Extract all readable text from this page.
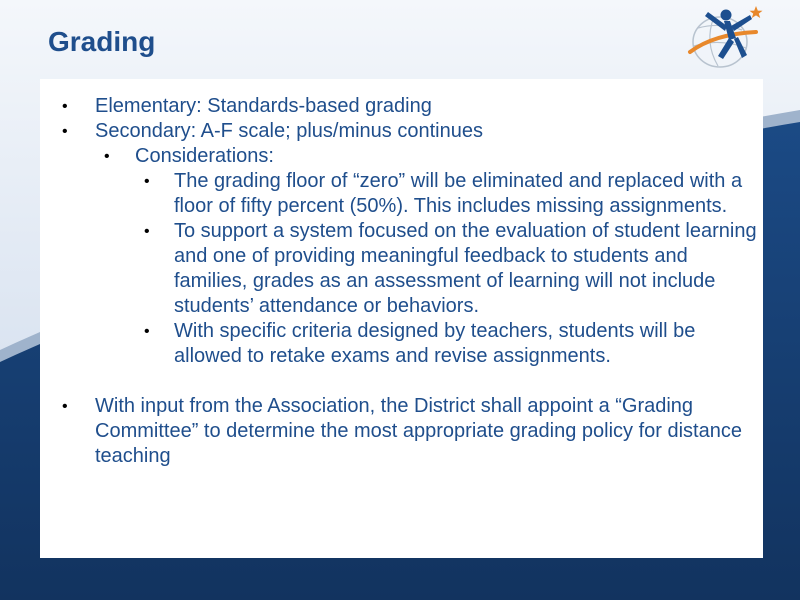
Grading
• Elementary: Standards-based grading
• Secondary: A-F scale; plus/minus continues
• Considerations:
• The grading floor of “zero” will be eliminated and replaced with a floor of fifty percent (50%). This includes missing assignments.
• To support a system focused on the evaluation of student learning and one of providing meaningful feedback to students and families, grades as an assessment of learning will not include students’ attendance or behaviors.
• With specific criteria designed by teachers, students will be allowed to retake exams and revise assignments.
• With input from the Association, the District shall appoint a “Grading Committee” to determine the most appropriate grading policy for distance teaching
